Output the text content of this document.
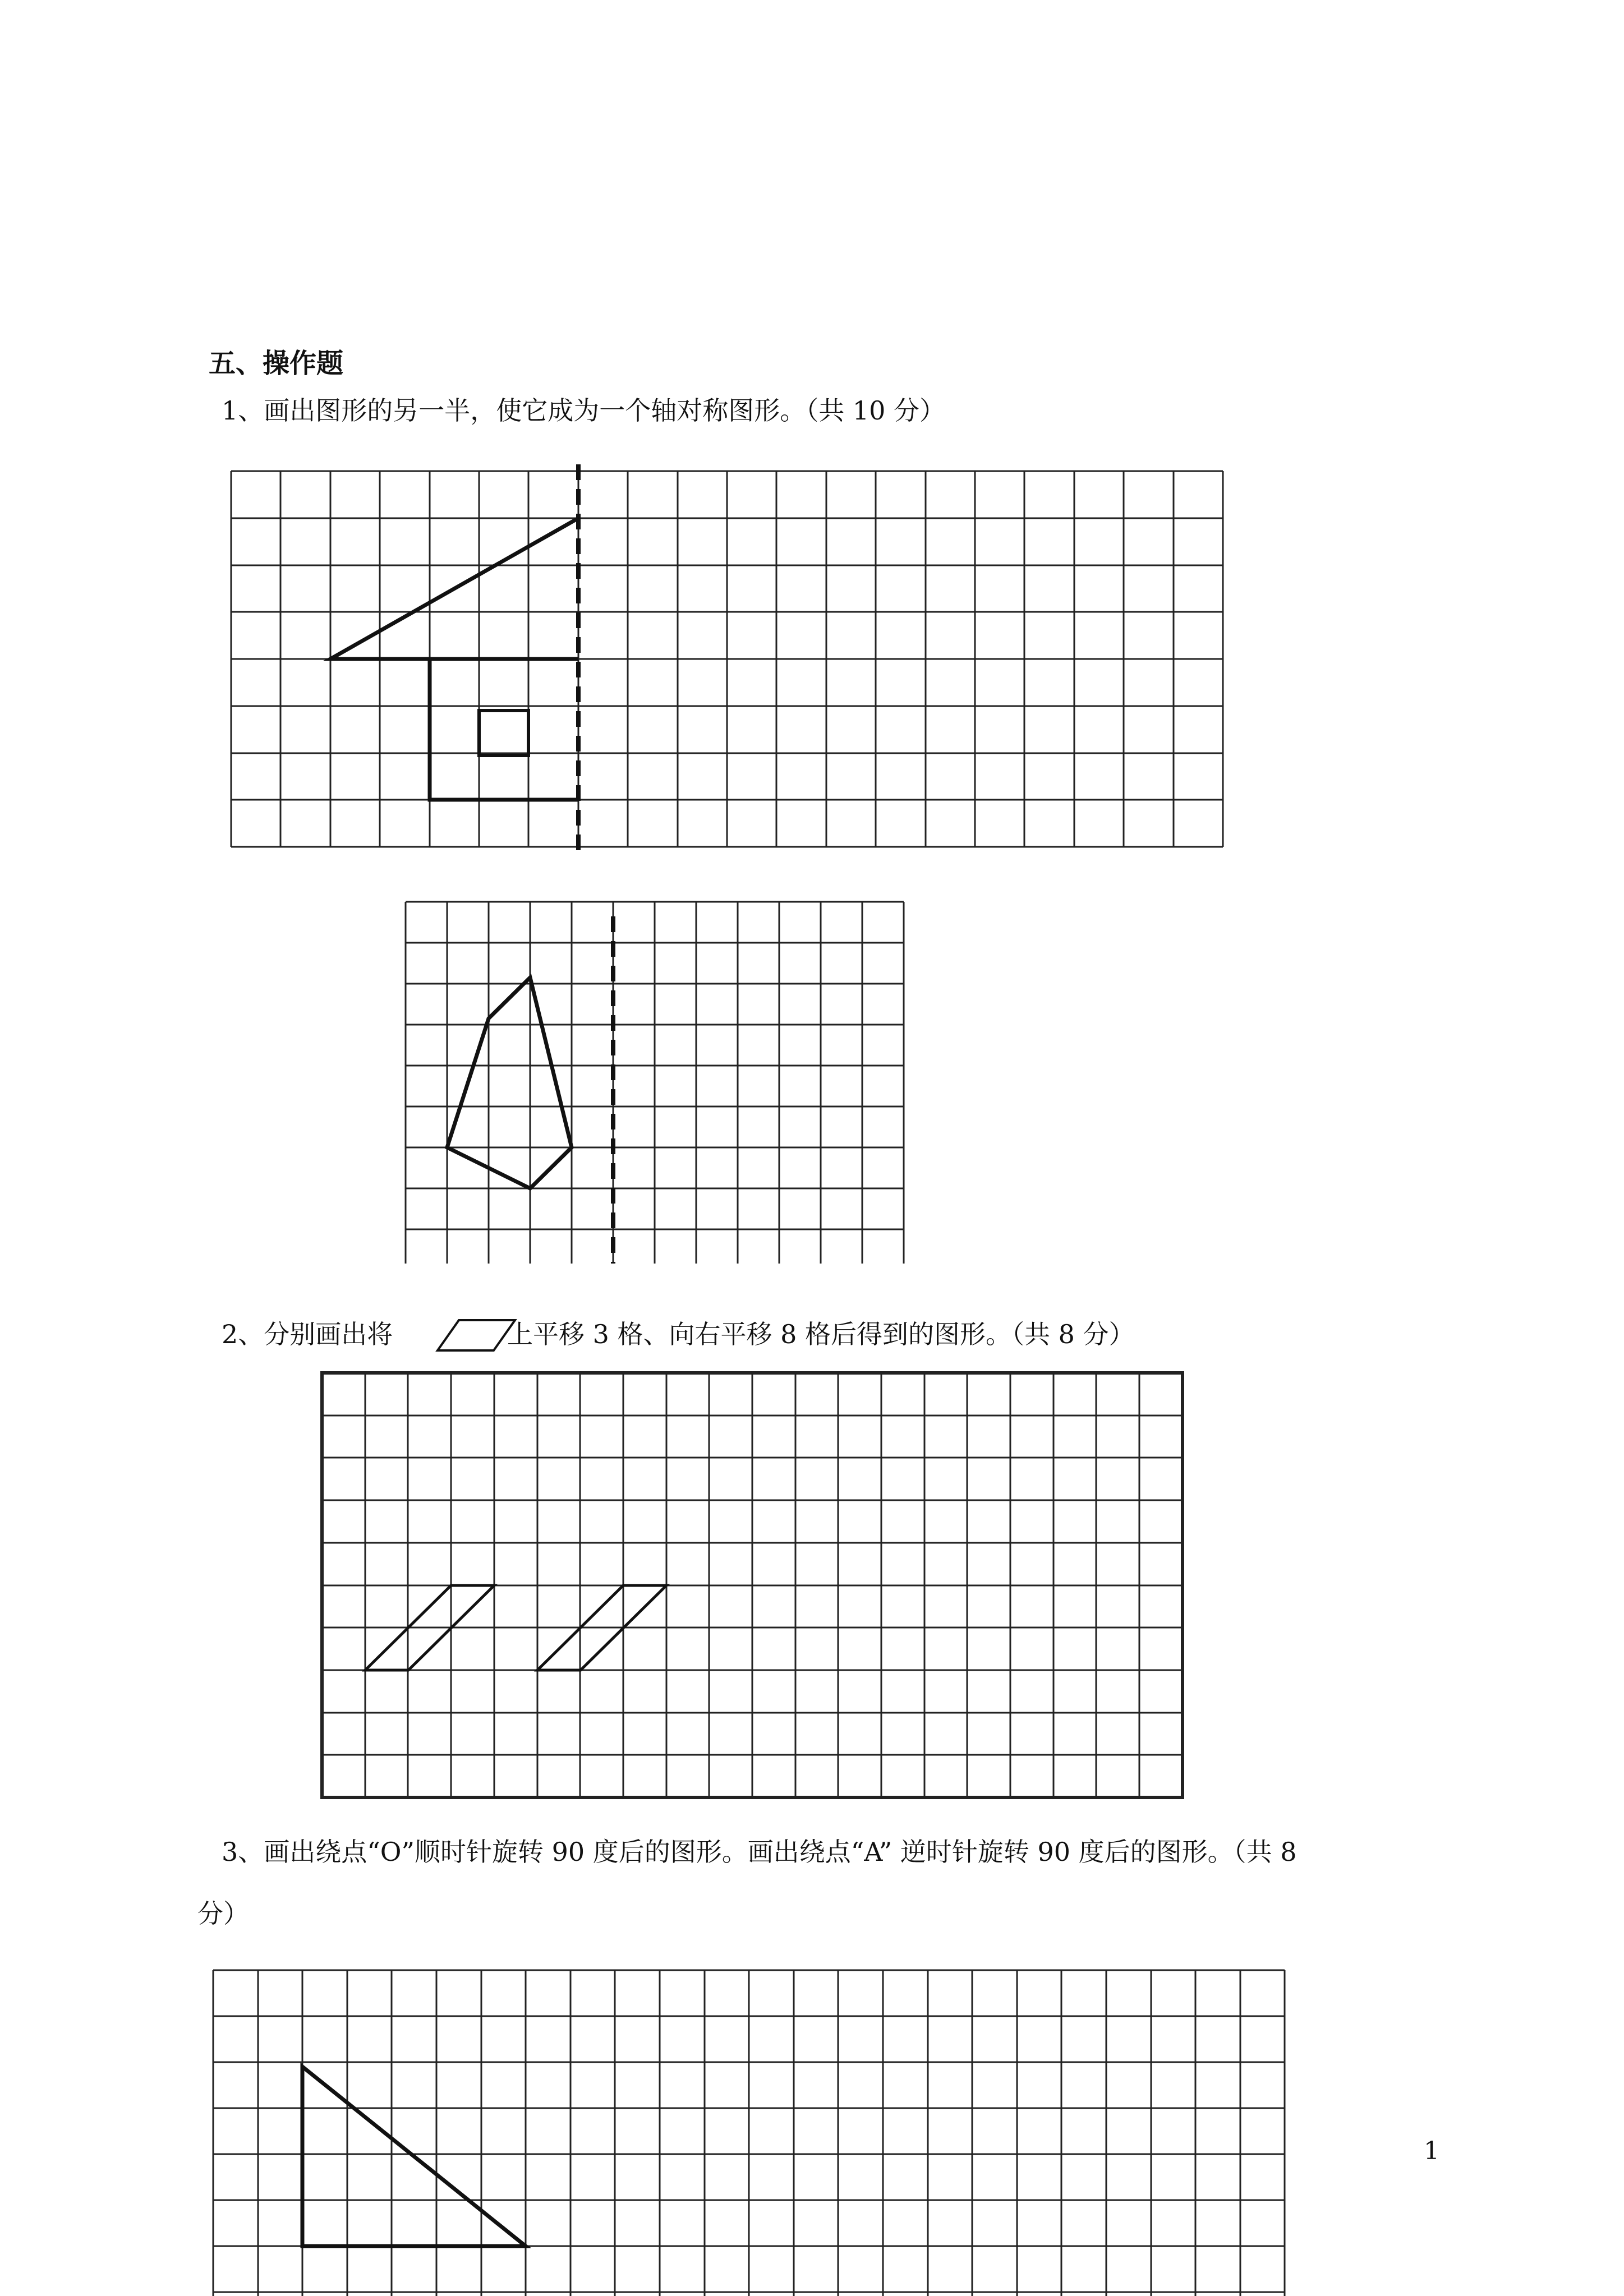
五、操作题
1、画出图形的另一半，使它成为一个轴对称图形。（共 10 分）
2、分别画出将	上平移 3 格、向右平移 8 格后得到的图形。（共 8 分）
3、画出绕点“O”顺时针旋转 90 度后的图形。画出绕点“A” 逆时针旋转 90 度后的图形。（共 8
分）
1
